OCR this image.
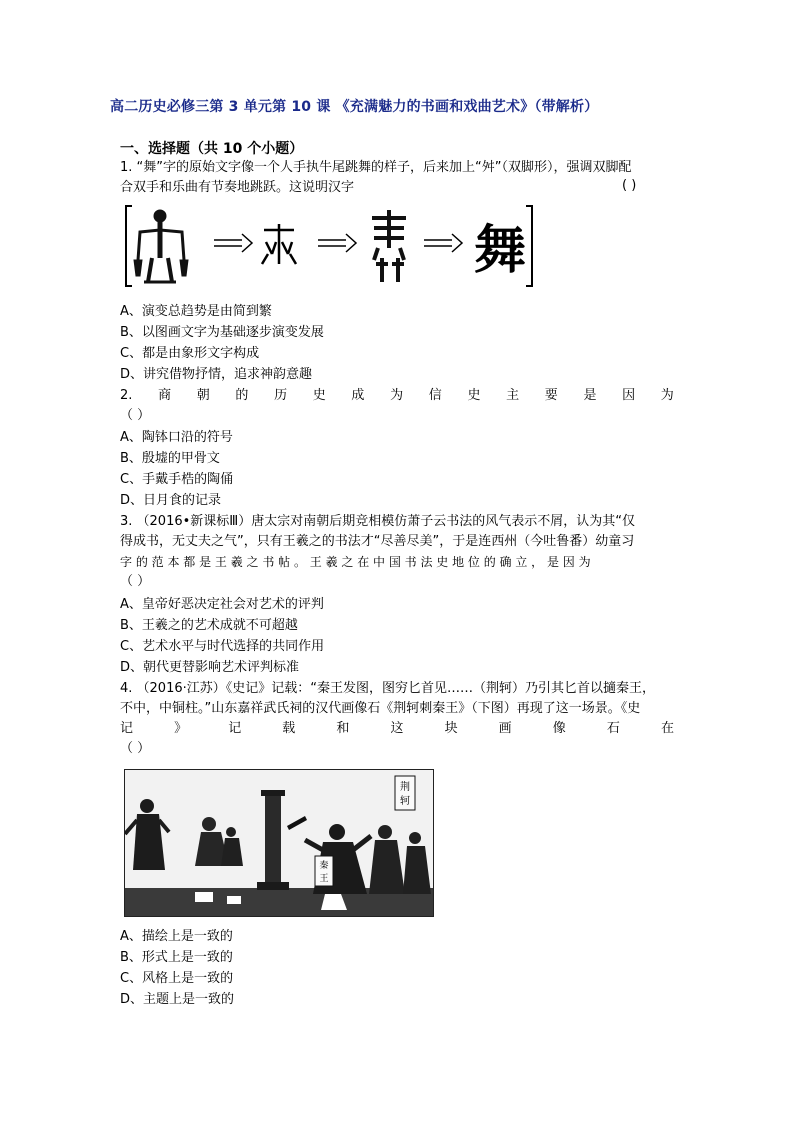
高二历史必修三第 3 单元第 10 课 《充满魅力的书画和戏曲艺术》（带解析）
一、选择题（共 10 个小题）
1. “舞”字的原始文字像一个人手执牛尾跳舞的样子，后来加上“舛”（双脚形），强调双脚配
合双手和乐曲有节奏地跳跃。这说明汉字	( )
舞
A、演变总趋势是由简到繁
B、以图画文字为基础逐步演变发展
C、都是由象形文字构成
D、讲究借物抒情，追求神韵意趣
2. 商 朝 的 历 史 成 为 信 史 主 要 是 因 为
（ ）
A、陶钵口沿的符号
B、殷墟的甲骨文
C、手戴手梏的陶俑
D、日月食的记录
3. （2016•新课标Ⅲ）唐太宗对南朝后期竞相模仿萧子云书法的风气表示不屑，认为其“仅
得成书，无丈夫之气”，只有王羲之的书法才“尽善尽美”，于是连西州（今吐鲁番）幼童习
字 的 范 本 都 是 王 羲 之 书 帖 。 王 羲 之 在 中 国 书 法 史 地 位 的 确 立 ， 是 因 为
（ ）
A、皇帝好恶决定社会对艺术的评判
B、王羲之的艺术成就不可超越
C、艺术水平与时代选择的共同作用
D、朝代更替影响艺术评判标准
4. （2016·江苏）《史记》记载：“秦王发图，图穷匕首见……（荆轲）乃引其匕首以擿秦王，
不中，中铜柱。”山东嘉祥武氏祠的汉代画像石《荆轲刺秦王》（下图）再现了这一场景。《史
记	》	记	载	和	这	块	画	像	石	在
（ ）
荆
轲
秦
王
A、描绘上是一致的
B、形式上是一致的
C、风格上是一致的
D、主题上是一致的
